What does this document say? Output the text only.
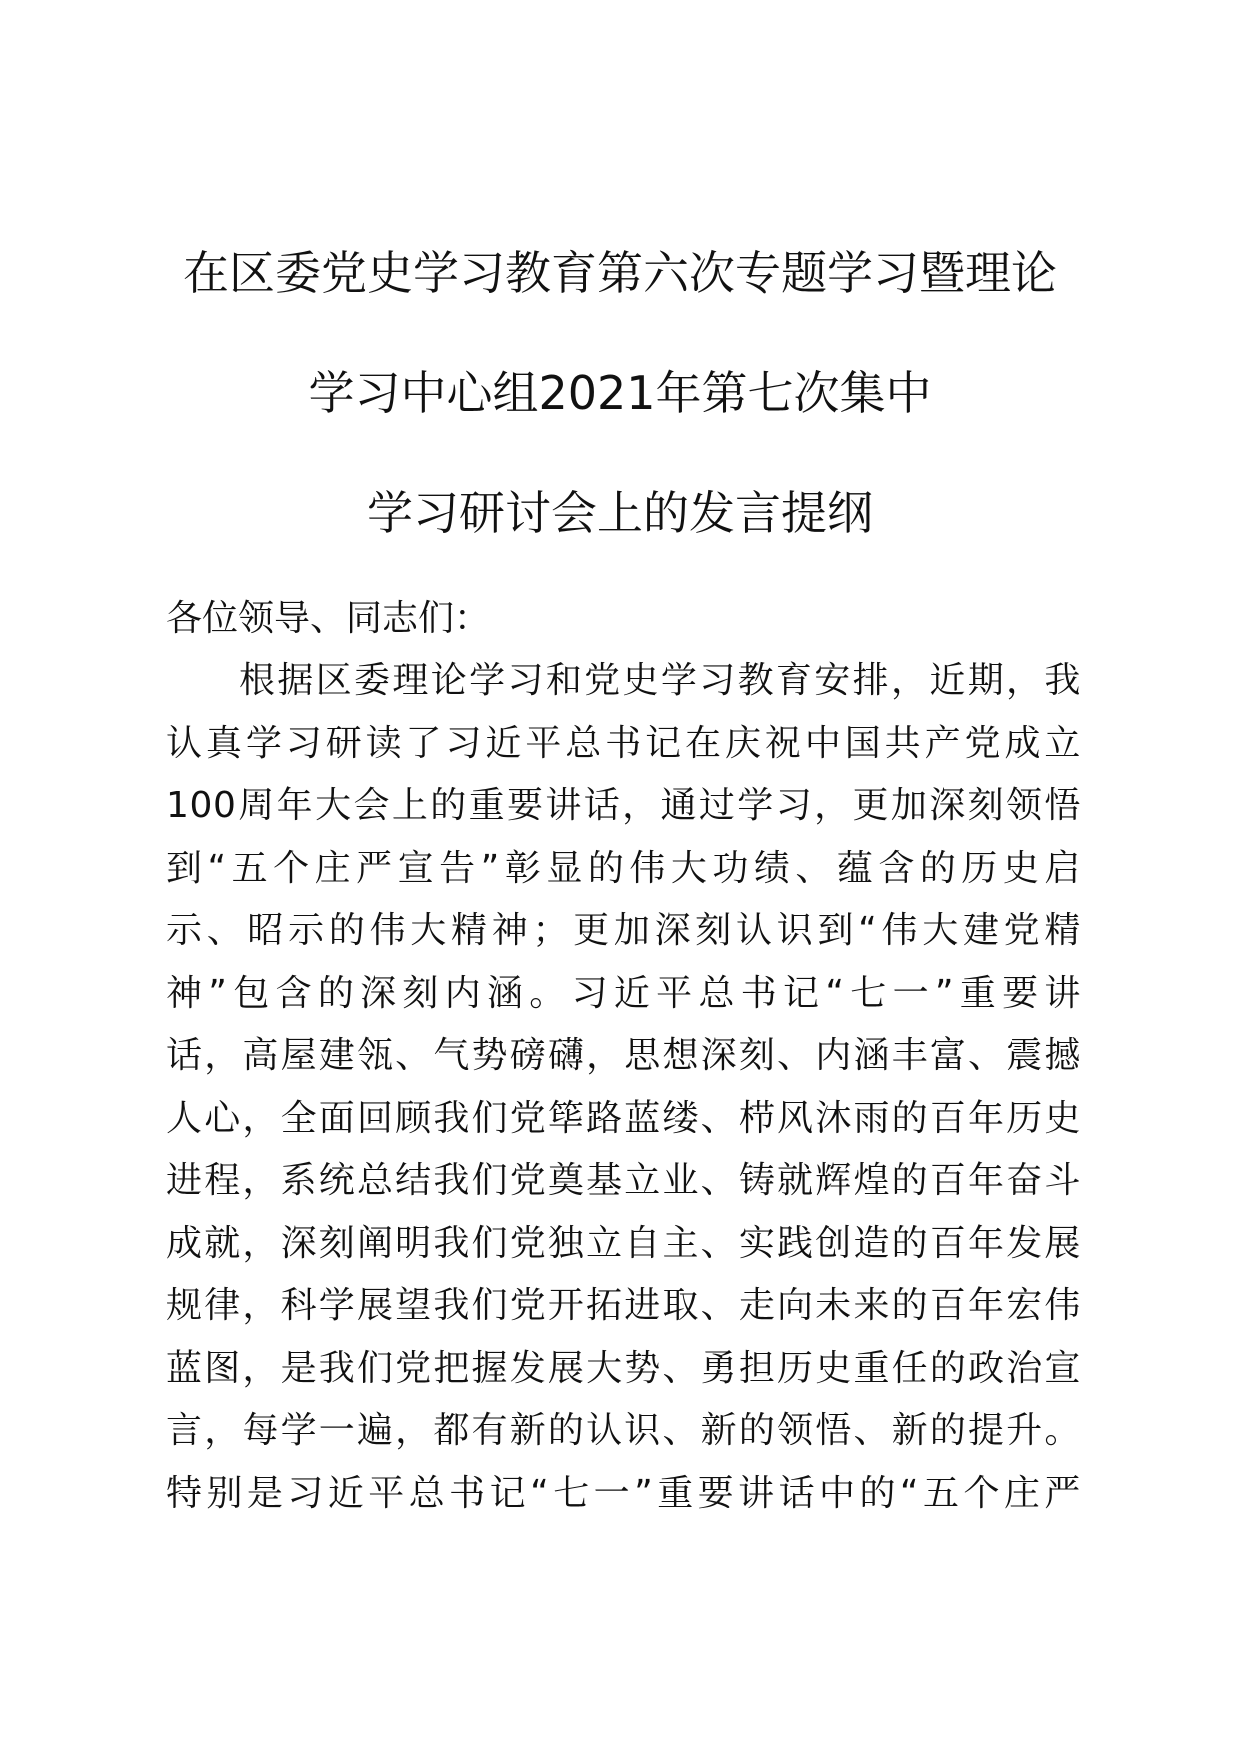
在区委党史学习教育第六次专题学习暨理论
学习中心组2021年第七次集中
学习研讨会上的发言提纲

各位领导、同志们：

根据区委理论学习和党史学习教育安排，近期，我

认真学习研读了习近平总书记在庆祝中国共产党成立

100周年大会上的重要讲话，通过学习，更加深刻领悟

到“五个庄严宣告”彰显的伟大功绩、蕴含的历史启

示、昭示的伟大精神；更加深刻认识到“伟大建党精

神”包含的深刻内涵。习近平总书记“七一”重要讲

话，高屋建瓴、气势磅礴，思想深刻、内涵丰富、震撼

人心，全面回顾我们党筚路蓝缕、栉风沐雨的百年历史

进程，系统总结我们党奠基立业、铸就辉煌的百年奋斗

成就，深刻阐明我们党独立自主、实践创造的百年发展

规律，科学展望我们党开拓进取、走向未来的百年宏伟

蓝图，是我们党把握发展大势、勇担历史重任的政治宣

言，每学一遍，都有新的认识、新的领悟、新的提升。

特别是习近平总书记“七一”重要讲话中的“五个庄严
